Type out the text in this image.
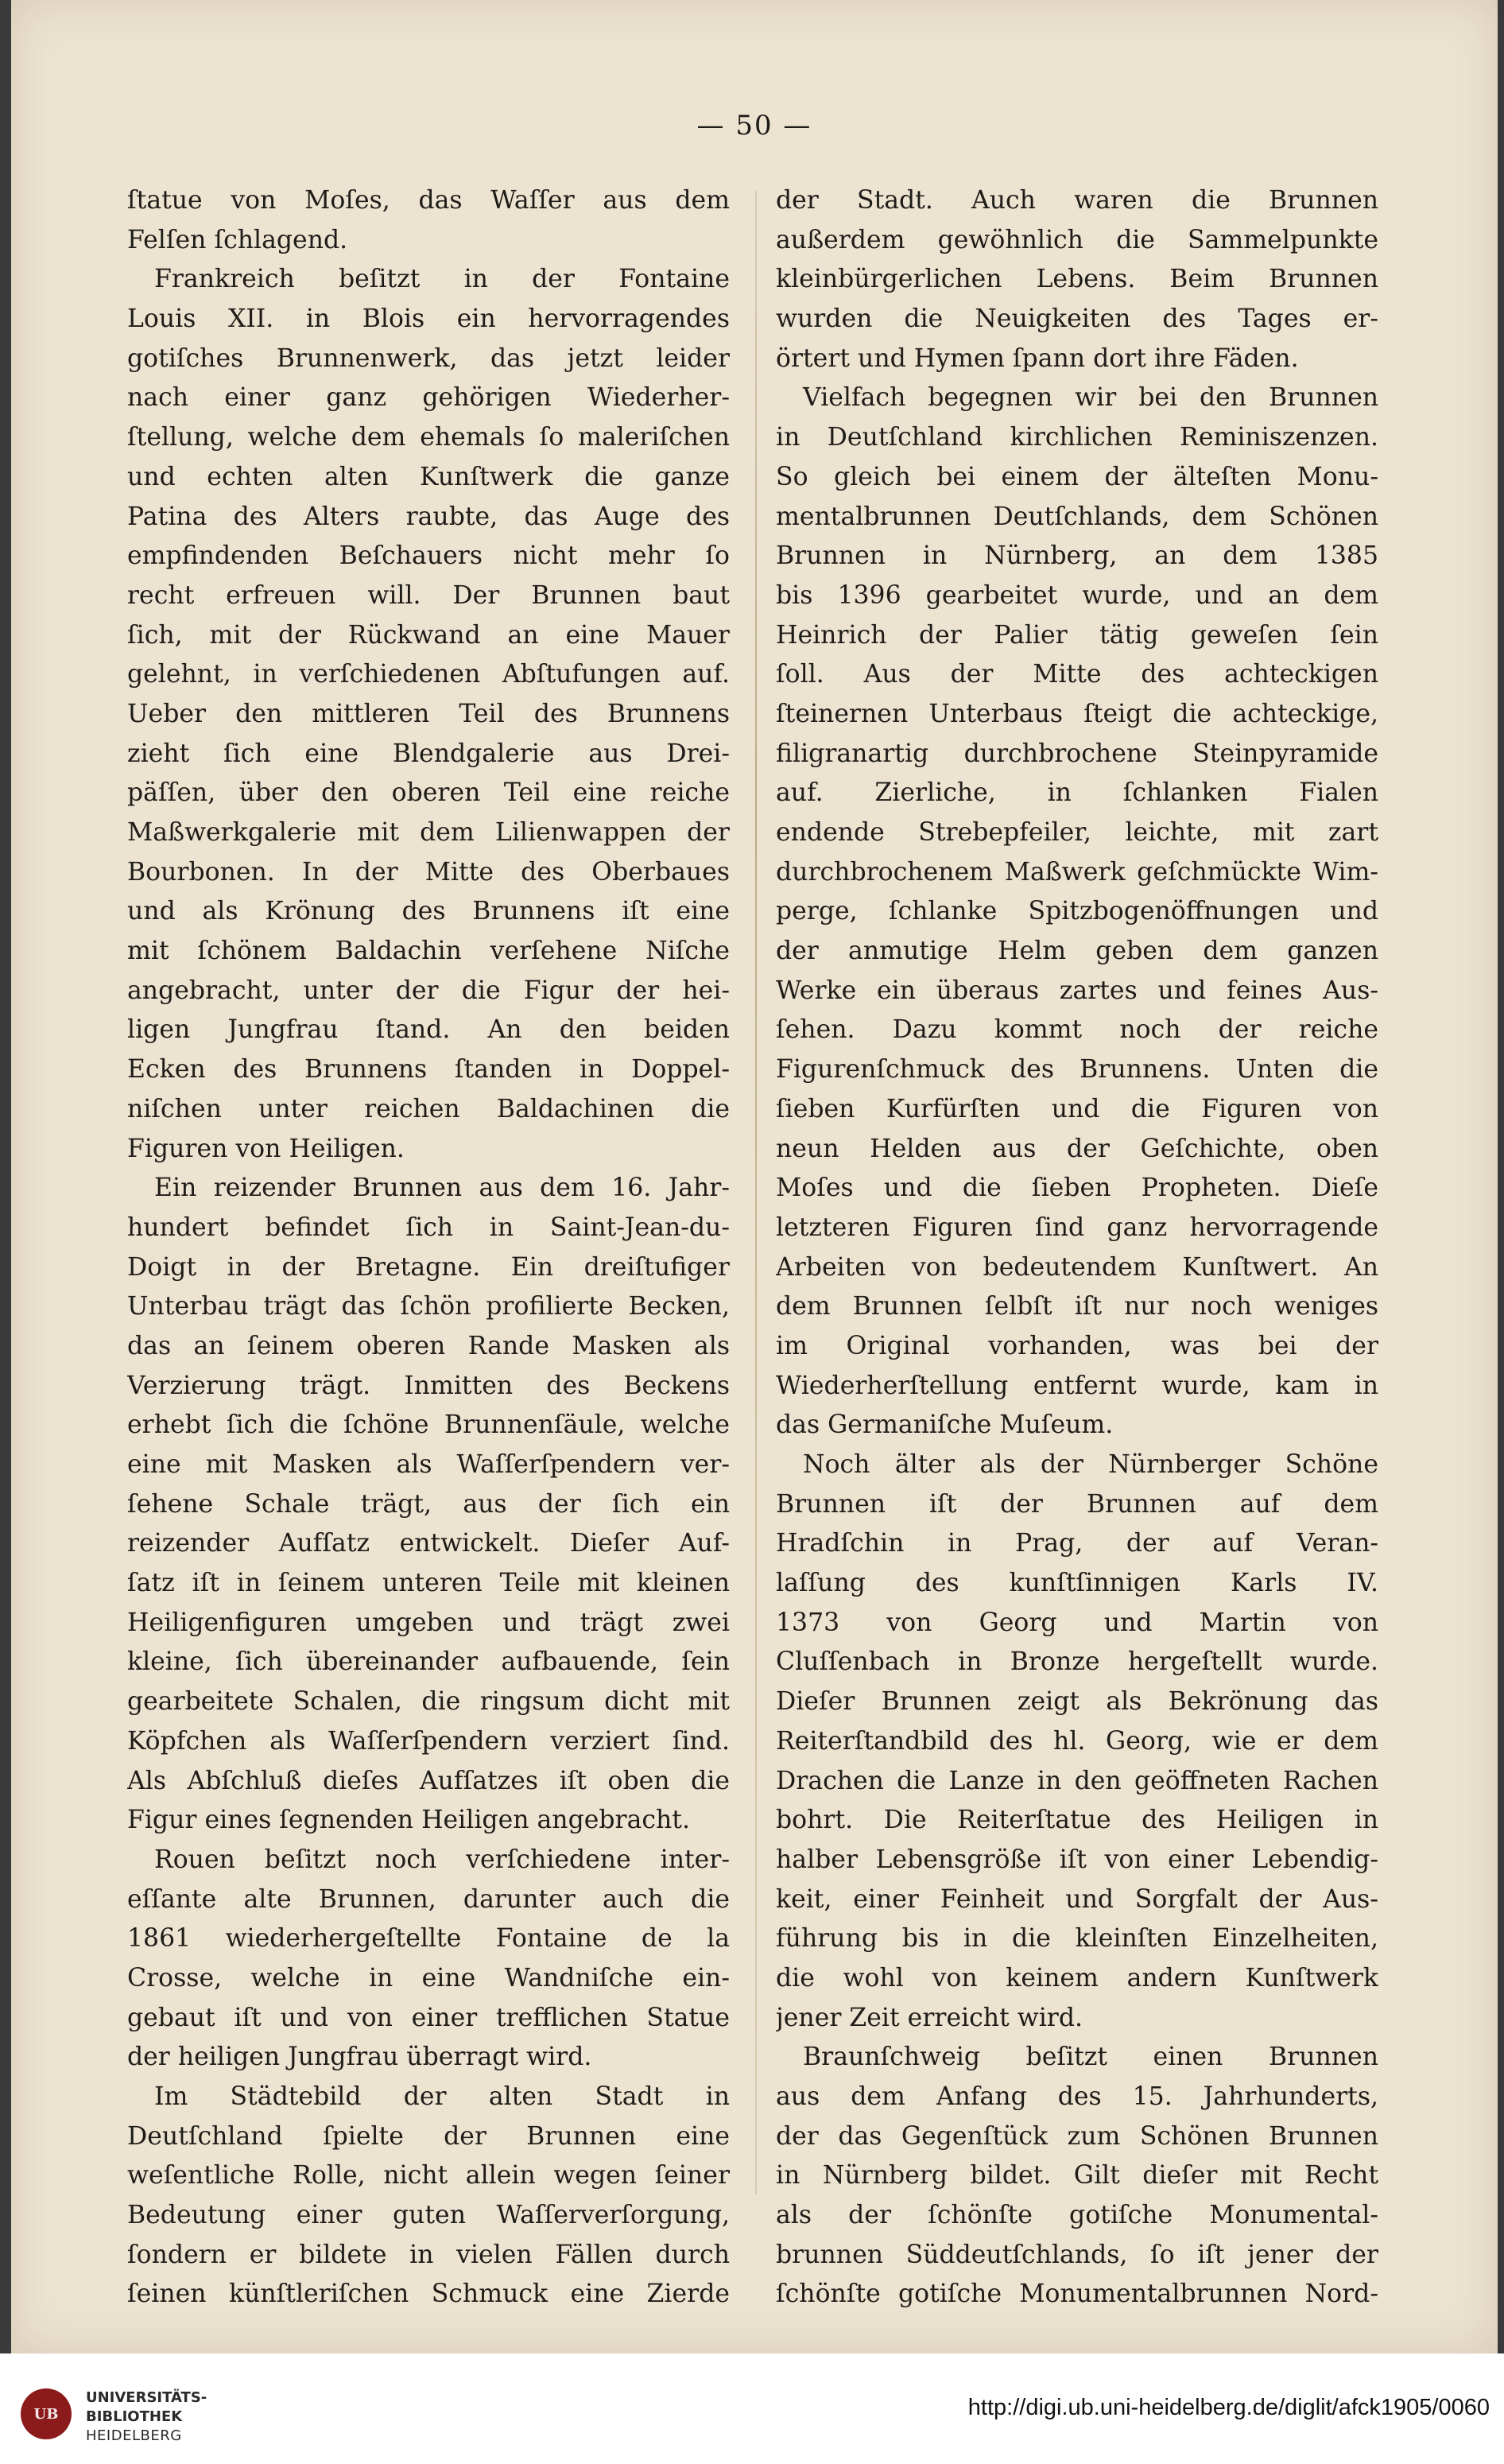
— 50 —
ſtatue von Moſes, das Waſſer aus dem
Felſen ſchlagend.
Frankreich beſitzt in der Fontaine
Louis XII. in Blois ein hervorragendes
gotiſches Brunnenwerk, das jetzt leider
nach einer ganz gehörigen Wiederher-
ſtellung, welche dem ehemals ſo maleriſchen
und echten alten Kunſtwerk die ganze
Patina des Alters raubte, das Auge des
empfindenden Beſchauers nicht mehr ſo
recht erfreuen will. Der Brunnen baut
ſich, mit der Rückwand an eine Mauer
gelehnt, in verſchiedenen Abſtufungen auf.
Ueber den mittleren Teil des Brunnens
zieht ſich eine Blendgalerie aus Drei-
päſſen, über den oberen Teil eine reiche
Maßwerkgalerie mit dem Lilienwappen der
Bourbonen. In der Mitte des Oberbaues
und als Krönung des Brunnens iſt eine
mit ſchönem Baldachin verſehene Niſche
angebracht, unter der die Figur der hei-
ligen Jungfrau ſtand. An den beiden
Ecken des Brunnens ſtanden in Doppel-
niſchen unter reichen Baldachinen die
Figuren von Heiligen.
Ein reizender Brunnen aus dem 16. Jahr-
hundert befindet ſich in Saint-Jean-du-
Doigt in der Bretagne. Ein dreiſtufiger
Unterbau trägt das ſchön profilierte Becken,
das an ſeinem oberen Rande Masken als
Verzierung trägt. Inmitten des Beckens
erhebt ſich die ſchöne Brunnenſäule, welche
eine mit Masken als Waſſerſpendern ver-
ſehene Schale trägt, aus der ſich ein
reizender Aufſatz entwickelt. Dieſer Auf-
ſatz iſt in ſeinem unteren Teile mit kleinen
Heiligenfiguren umgeben und trägt zwei
kleine, ſich übereinander aufbauende, ſein
gearbeitete Schalen, die ringsum dicht mit
Köpfchen als Waſſerſpendern verziert ſind.
Als Abſchluß dieſes Aufſatzes iſt oben die
Figur eines ſegnenden Heiligen angebracht.
Rouen beſitzt noch verſchiedene inter-
eſſante alte Brunnen, darunter auch die
1861 wiederhergeſtellte Fontaine de la
Crosse, welche in eine Wandniſche ein-
gebaut iſt und von einer trefflichen Statue
der heiligen Jungfrau überragt wird.
Im Städtebild der alten Stadt in
Deutſchland ſpielte der Brunnen eine
weſentliche Rolle, nicht allein wegen ſeiner
Bedeutung einer guten Waſſerverſorgung,
ſondern er bildete in vielen Fällen durch
ſeinen künſtleriſchen Schmuck eine Zierde
der Stadt. Auch waren die Brunnen
außerdem gewöhnlich die Sammelpunkte
kleinbürgerlichen Lebens. Beim Brunnen
wurden die Neuigkeiten des Tages er-
örtert und Hymen ſpann dort ihre Fäden.
Vielfach begegnen wir bei den Brunnen
in Deutſchland kirchlichen Reminiszenzen.
So gleich bei einem der älteſten Monu-
mentalbrunnen Deutſchlands, dem Schönen
Brunnen in Nürnberg, an dem 1385
bis 1396 gearbeitet wurde, und an dem
Heinrich der Palier tätig geweſen ſein
ſoll. Aus der Mitte des achteckigen
ſteinernen Unterbaus ſteigt die achteckige,
filigranartig durchbrochene Steinpyramide
auf. Zierliche, in ſchlanken Fialen
endende Strebepfeiler, leichte, mit zart
durchbrochenem Maßwerk geſchmückte Wim-
perge, ſchlanke Spitzbogenöffnungen und
der anmutige Helm geben dem ganzen
Werke ein überaus zartes und feines Aus-
ſehen. Dazu kommt noch der reiche
Figurenſchmuck des Brunnens. Unten die
ſieben Kurfürſten und die Figuren von
neun Helden aus der Geſchichte, oben
Moſes und die ſieben Propheten. Dieſe
letzteren Figuren ſind ganz hervorragende
Arbeiten von bedeutendem Kunſtwert. An
dem Brunnen ſelbſt iſt nur noch weniges
im Original vorhanden, was bei der
Wiederherſtellung entfernt wurde, kam in
das Germaniſche Muſeum.
Noch älter als der Nürnberger Schöne
Brunnen iſt der Brunnen auf dem
Hradſchin in Prag, der auf Veran-
laſſung des kunſtſinnigen Karls IV.
1373 von Georg und Martin von
Cluſſenbach in Bronze hergeſtellt wurde.
Dieſer Brunnen zeigt als Bekrönung das
Reiterſtandbild des hl. Georg, wie er dem
Drachen die Lanze in den geöffneten Rachen
bohrt. Die Reiterſtatue des Heiligen in
halber Lebensgröße iſt von einer Lebendig-
keit, einer Feinheit und Sorgfalt der Aus-
führung bis in die kleinſten Einzelheiten,
die wohl von keinem andern Kunſtwerk
jener Zeit erreicht wird.
Braunſchweig beſitzt einen Brunnen
aus dem Anfang des 15. Jahrhunderts,
der das Gegenſtück zum Schönen Brunnen
in Nürnberg bildet. Gilt dieſer mit Recht
als der ſchönſte gotiſche Monumental-
brunnen Süddeutſchlands, ſo iſt jener der
ſchönſte gotiſche Monumentalbrunnen Nord-
UB
UNIVERSITÄTS-
BIBLIOTHEK
HEIDELBERG
http://digi.ub.uni-heidelberg.de/diglit/afck1905/0060
